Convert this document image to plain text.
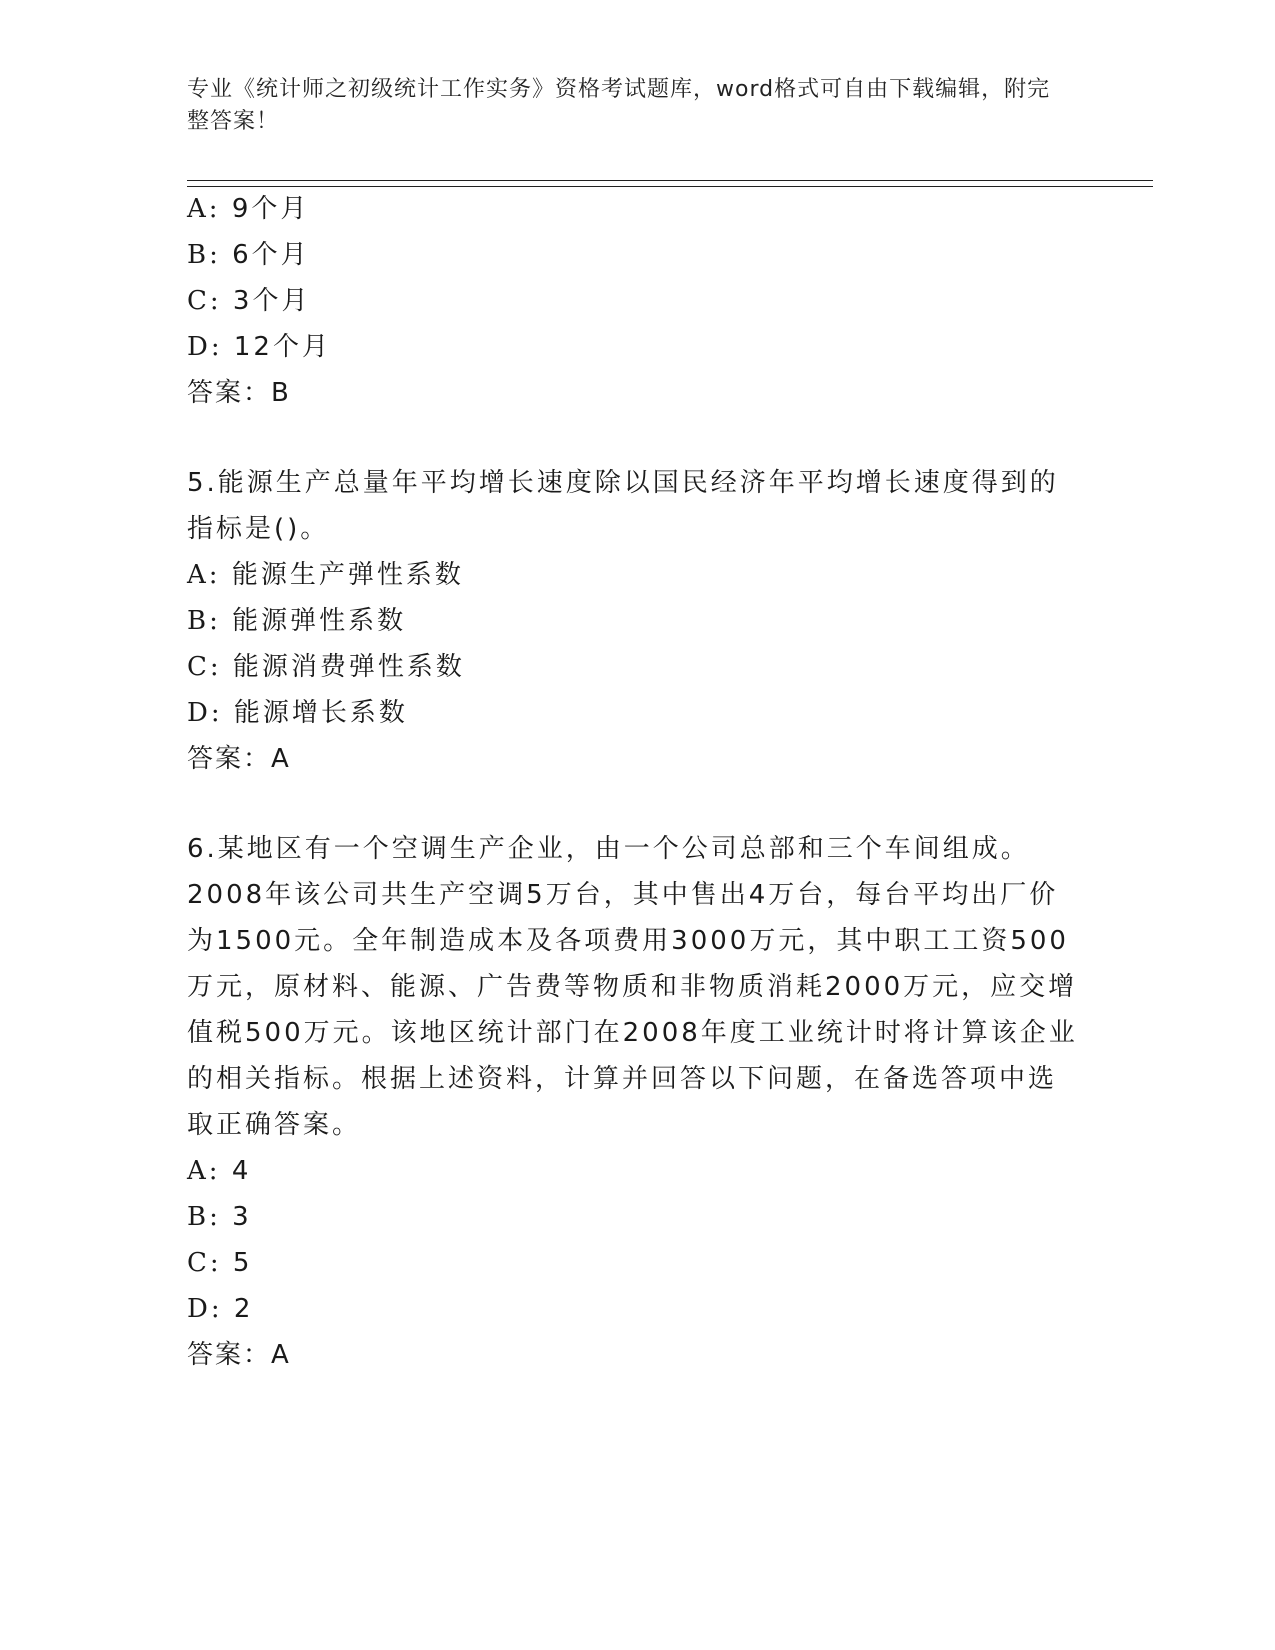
专业《统计师之初级统计工作实务》资格考试题库，word格式可自由下载编辑，附完整答案！
A: 9个月
B: 6个月
C: 3个月
D: 12个月
答案：B
5.能源生产总量年平均增长速度除以国民经济年平均增长速度得到的
指标是()。
A: 能源生产弹性系数
B: 能源弹性系数
C: 能源消费弹性系数
D: 能源增长系数
答案：A
6.某地区有一个空调生产企业，由一个公司总部和三个车间组成。
2008年该公司共生产空调5万台，其中售出4万台，每台平均出厂价
为1500元。全年制造成本及各项费用3000万元，其中职工工资500
万元，原材料、能源、广告费等物质和非物质消耗2000万元，应交增
值税500万元。该地区统计部门在2008年度工业统计时将计算该企业
的相关指标。根据上述资料，计算并回答以下问题，在备选答项中选
取正确答案。
A: 4
B: 3
C: 5
D: 2
答案：A
